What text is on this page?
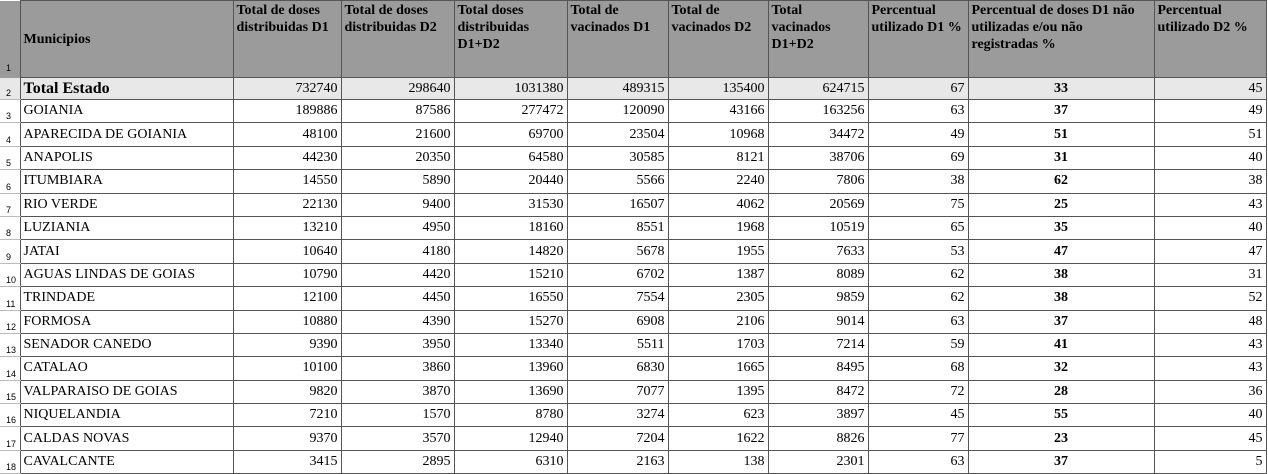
1	Municipios	Total de doses distribuidas D1	Total de doses distribuidas D2	Total doses distribuidas D1+D2	Total de vacinados D1	Total de vacinados D2	Total vacinados D1+D2	Percentual utilizado D1 %	Percentual de doses D1 não utilizadas e/ou não registradas %	Percentual utilizado D2 %
2	Total Estado	732740	298640	1031380	489315	135400	624715	67	33	45
3	GOIANIA	189886	87586	277472	120090	43166	163256	63	37	49
4	APARECIDA DE GOIANIA	48100	21600	69700	23504	10968	34472	49	51	51
5	ANAPOLIS	44230	20350	64580	30585	8121	38706	69	31	40
6	ITUMBIARA	14550	5890	20440	5566	2240	7806	38	62	38
7	RIO VERDE	22130	9400	31530	16507	4062	20569	75	25	43
8	LUZIANIA	13210	4950	18160	8551	1968	10519	65	35	40
9	JATAI	10640	4180	14820	5678	1955	7633	53	47	47
10	AGUAS LINDAS DE GOIAS	10790	4420	15210	6702	1387	8089	62	38	31
11	TRINDADE	12100	4450	16550	7554	2305	9859	62	38	52
12	FORMOSA	10880	4390	15270	6908	2106	9014	63	37	48
13	SENADOR CANEDO	9390	3950	13340	5511	1703	7214	59	41	43
14	CATALAO	10100	3860	13960	6830	1665	8495	68	32	43
15	VALPARAISO DE GOIAS	9820	3870	13690	7077	1395	8472	72	28	36
16	NIQUELANDIA	7210	1570	8780	3274	623	3897	45	55	40
17	CALDAS NOVAS	9370	3570	12940	7204	1622	8826	77	23	45
18	CAVALCANTE	3415	2895	6310	2163	138	2301	63	37	5
